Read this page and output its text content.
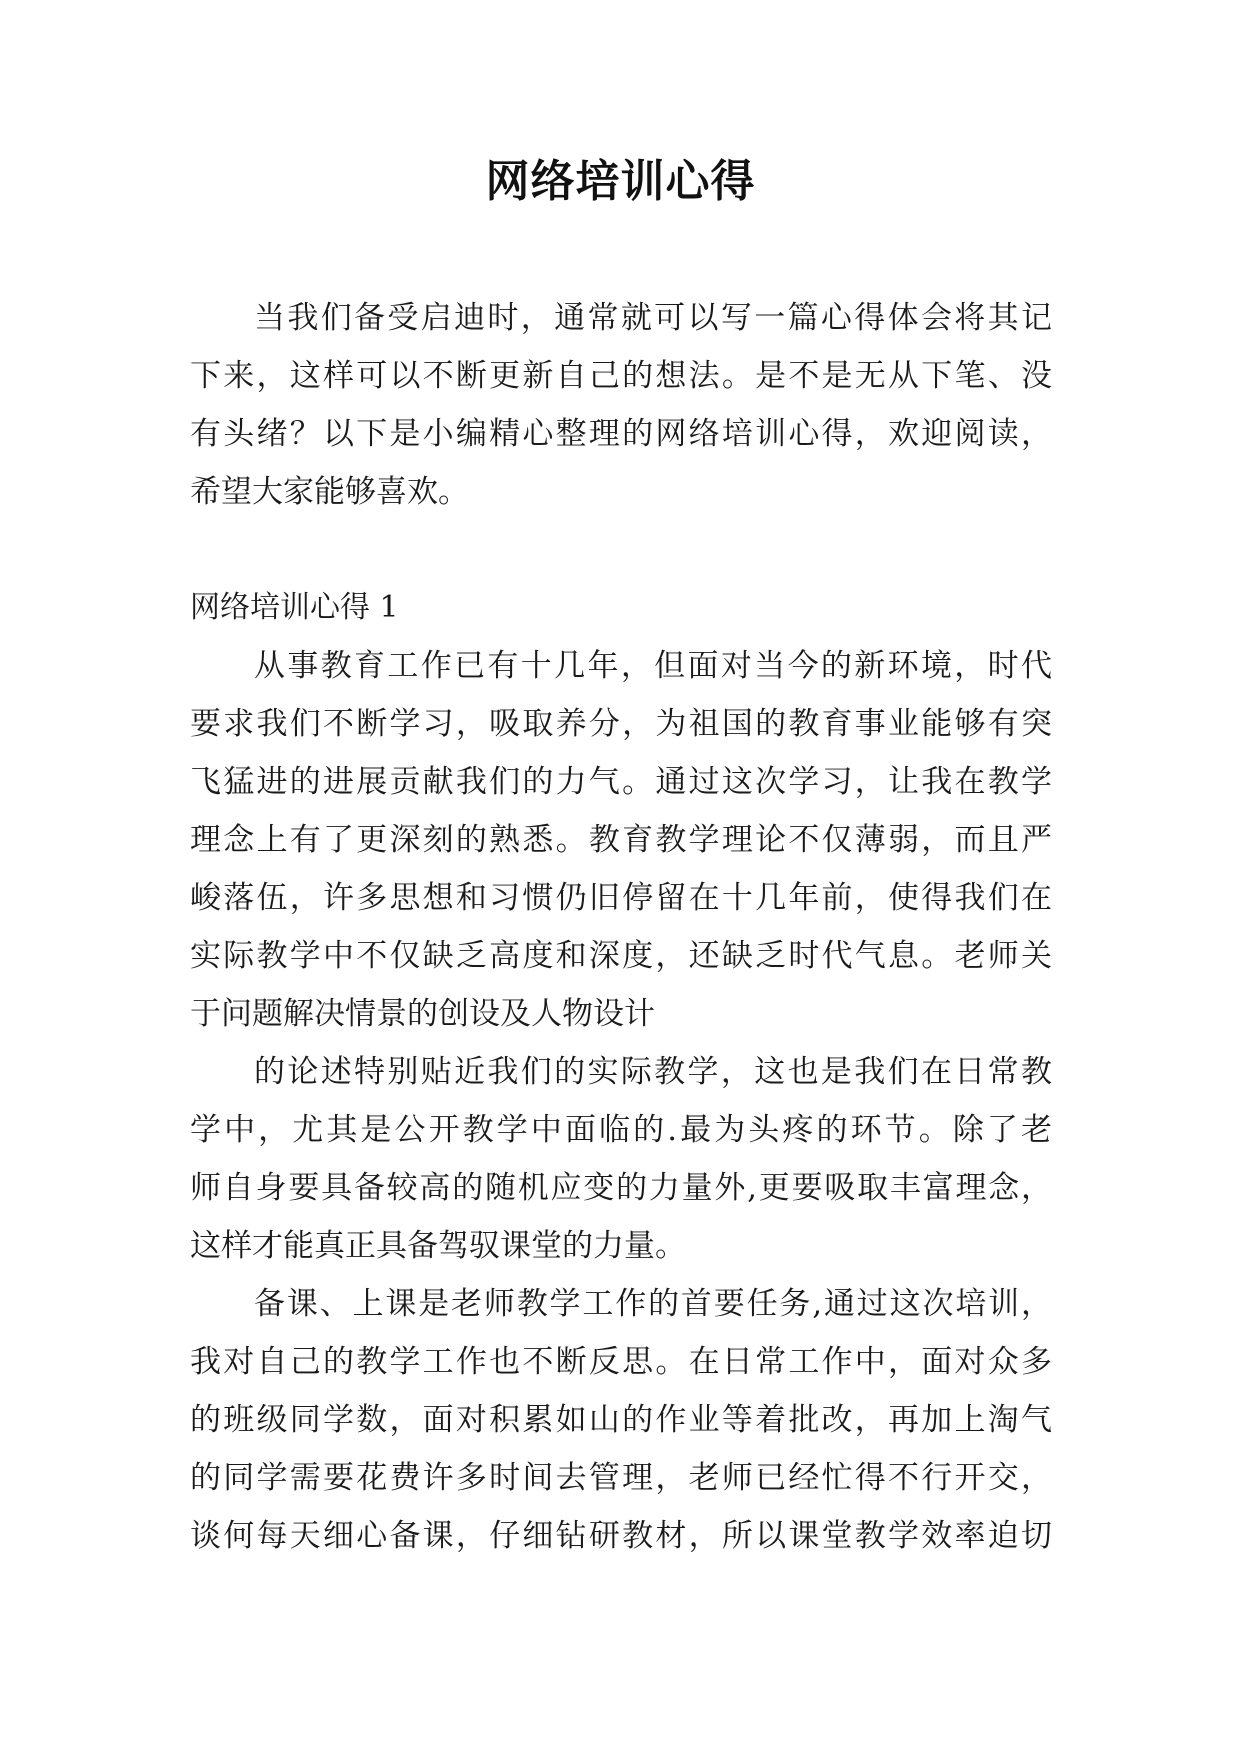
网络培训心得

当我们备受启迪时，通常就可以写一篇心得体会将其记

下来，这样可以不断更新自己的想法。是不是无从下笔、没

有头绪？以下是小编精心整理的网络培训心得，欢迎阅读，

希望大家能够喜欢。

网络培训心得 1

从事教育工作已有十几年，但面对当今的新环境，时代

要求我们不断学习，吸取养分，为祖国的教育事业能够有突

飞猛进的进展贡献我们的力气。通过这次学习，让我在教学

理念上有了更深刻的熟悉。教育教学理论不仅薄弱，而且严

峻落伍，许多思想和习惯仍旧停留在十几年前，使得我们在

实际教学中不仅缺乏高度和深度，还缺乏时代气息。老师关

于问题解决情景的创设及人物设计

的论述特别贴近我们的实际教学，这也是我们在日常教

学中，尤其是公开教学中面临的.最为头疼的环节。除了老

师自身要具备较高的随机应变的力量外,更要吸取丰富理念，

这样才能真正具备驾驭课堂的力量。

备课、上课是老师教学工作的首要任务,通过这次培训，

我对自己的教学工作也不断反思。在日常工作中，面对众多

的班级同学数，面对积累如山的作业等着批改，再加上淘气

的同学需要花费许多时间去管理，老师已经忙得不行开交，

谈何每天细心备课，仔细钻研教材，所以课堂教学效率迫切
